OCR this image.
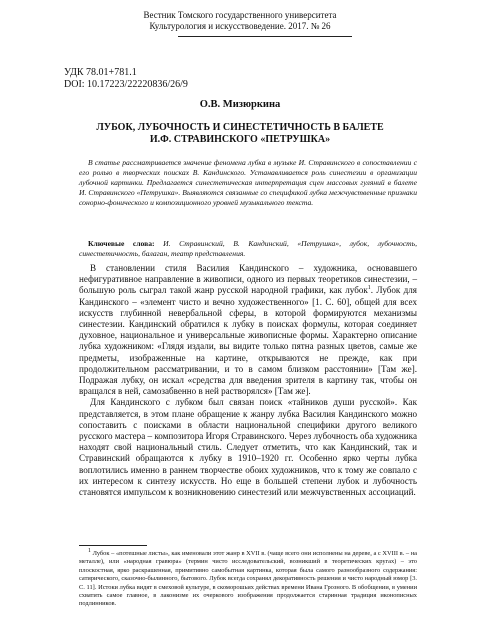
Вестник Томского государственного университета
Культурология и искусствоведение. 2017. № 26
УДК 78.01+781.1
DOI: 10.17223/22220836/26/9
О.В. Мизюркина
ЛУБОК, ЛУБОЧНОСТЬ И СИНЕСТЕТИЧНОСТЬ В БАЛЕТЕ
И.Ф. СТРАВИНСКОГО «ПЕТРУШКА»

В статье рассматривается значение феномена лубка в музыке И. Стравинского в сопоставлении с его ролью в творческих поисках В. Кандинского. Устанавливается роль синестезии в организации лубочной картинки. Предлагается синестетическая интерпретация сцен массовых гуляний в балете И. Стравинского «Петрушка». Выявляются связанные со спецификой лубка межчувственные признаки сонорно-фонического и композиционного уровней музыкального текста.

Ключевые слова: И. Стравинский, В. Кандинский, «Петрушка», лубок, лубочность, синестетичность, балаган, театр представления.

В становлении стиля Василия Кандинского – художника, основавшего нефигуративное направление в живописи, одного из первых теоретиков синестезии, – большую роль сыграл такой жанр русской народной графики, как лубок$^1$. Лубок для Кандинского – «элемент чисто и вечно художественного» [1. С. 60], общей для всех искусств глубинной невербальной сферы, в которой формируются механизмы синестезии. Кандинский обратился к лубку в поисках формулы, которая соединяет духовное, национальное и универсальные живописные формы. Характерно описание лубка художником: «Глядя издали, вы видите только пятна разных цветов, самые же предметы, изображенные на картине, открываются не прежде, как при продолжительном рассматривании, и то в самом близком расстоянии» [Там же]. Подражая лубку, он искал «средства для введения зрителя в картину так, чтобы он вращался в ней, самозабвенно в ней растворялся» [Там же].

Для Кандинского с лубком был связан поиск «тайников души русской». Как представляется, в этом плане обращение к жанру лубка Василия Кандинского можно сопоставить с поисками в области национальной специфики другого великого русского мастера – композитора Игоря Стравинского. Через лубочность оба художника находят свой национальный стиль. Следует отметить, что как Кандинский, так и Стравинский обращаются к лубку в 1910–1920 гг. Особенно ярко черты лубка воплотились именно в раннем творчестве обоих художников, что к тому же совпало с их интересом к синтезу искусств. Но еще в большей степени лубок и лубочность становятся импульсом к возникновению синестезий или межчувственных ассоциаций.

$^1$ Лубок – «потешные листы», как именовали этот жанр в XVII в. (чаще всего они исполнены на дереве, а с XVIII в. – на металле), или «народная гравюра» (термин чисто исследовательский, возникший в теоретических кругах) – это плоскостная, ярко раскрашенная, примитивно самобытная картинка, которая была самого разнообразного содержания: сатирического, сказочно-былинного, бытового. Лубок всегда сохранял декоративность решения и чисто народный юмор [3. С. 11]. Истоки лубка видят в смеховой культуре, в скоморошьих действах времени Ивана Грозного. В обобщении, в умении схватить самое главное, в лаконизме их очеркового изображения продолжается старинная традиция иконописных подлинников.
